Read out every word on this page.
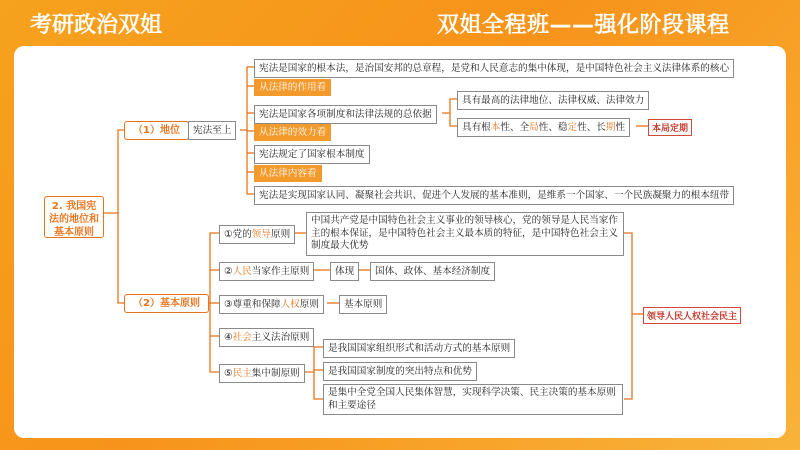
考研政治双姐	双姐全程班——强化阶段课程
2. 我国宪法的地位和基本原则
（1）地位	宪法至上
宪法是国家的根本法，是治国安邦的总章程，是党和人民意志的集中体现，是中国特色社会主义法律体系的核心
从法律的作用看
宪法是国家各项制度和法律法规的总依据
从法律的效力看
宪法规定了国家根本制度
从法律内容看
宪法是实现国家认同、凝聚社会共识、促进个人发展的基本准则，是维系一个国家、一个民族凝聚力的根本纽带
具有最高的法律地位、法律权威、法律效力
具有根本性、全局性、稳定性、长期性	本局定期
（2）基本原则
①党的领导原则
中国共产党是中国特色社会主义事业的领导核心，党的领导是人民当家作主的根本保证，是中国特色社会主义最本质的特征，是中国特色社会主义制度最大优势
②人民当家作主原则	体现	国体、政体、基本经济制度
③尊重和保障人权原则	基本原则
④社会主义法治原则
⑤民主集中制原则
是我国国家组织形式和活动方式的基本原则
是我国国家制度的突出特点和优势
是集中全党全国人民集体智慧，实现科学决策、民主决策的基本原则和主要途径
领导人民人权社会民主
